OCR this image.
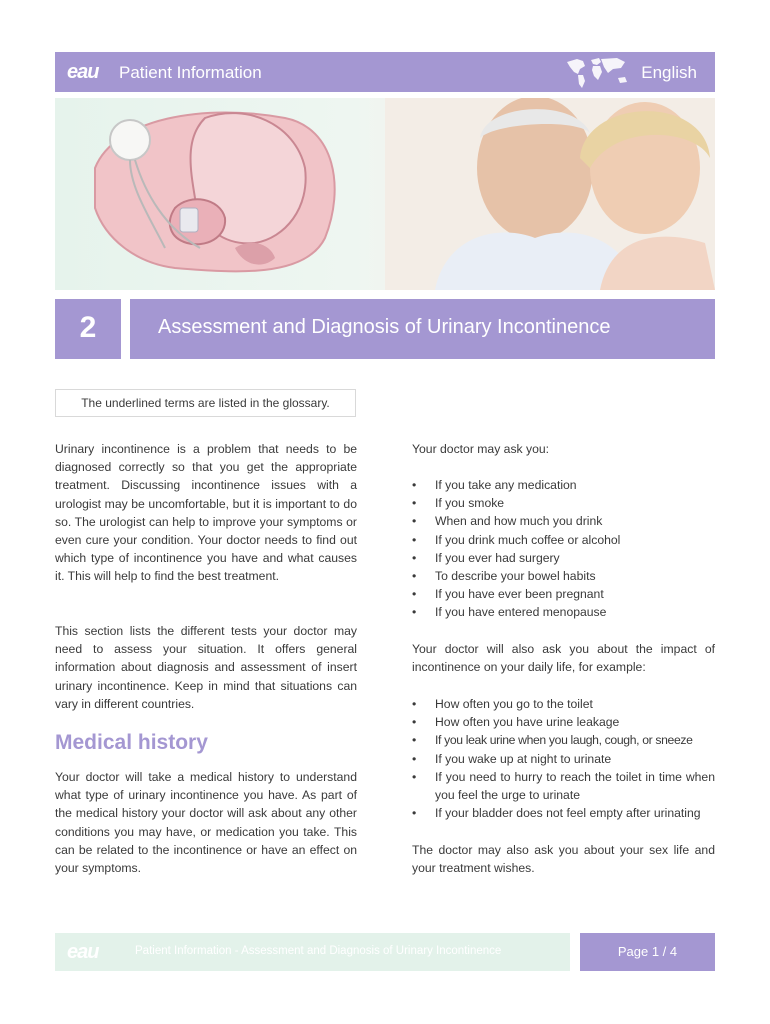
eau Patient Information	English
2	Assessment and Diagnosis of Urinary Incontinence
The underlined terms are listed in the glossary.
Urinary incontinence is a problem that needs to be diagnosed correctly so that you get the appropriate treatment. Discussing incontinence issues with a urologist may be uncomfortable, but it is important to do so. The urologist can help to improve your symptoms or even cure your condition. Your doctor needs to find out which type of incontinence you have and what causes it. This will help to find the best treatment.
This section lists the different tests your doctor may need to assess your situation. It offers general information about diagnosis and assessment of insert urinary incontinence. Keep in mind that situations can vary in different countries.
Medical history
Your doctor will take a medical history to understand what type of urinary incontinence you have. As part of the medical history your doctor will ask about any other conditions you may have, or medication you take. This can be related to the incontinence or have an effect on your symptoms.
Your doctor may ask you:
• If you take any medication
• If you smoke
• When and how much you drink
• If you drink much coffee or alcohol
• If you ever had surgery
• To describe your bowel habits
• If you have ever been pregnant
• If you have entered menopause
Your doctor will also ask you about the impact of incontinence on your daily life, for example:
• How often you go to the toilet
• How often you have urine leakage
• If you leak urine when you laugh, cough, or sneeze
• If you wake up at night to urinate
• If you need to hurry to reach the toilet in time when you feel the urge to urinate
• If your bladder does not feel empty after urinating
The doctor may also ask you about your sex life and your treatment wishes.
eau	Patient Information - Assessment and Diagnosis of Urinary Incontinence	Page 1 / 4
